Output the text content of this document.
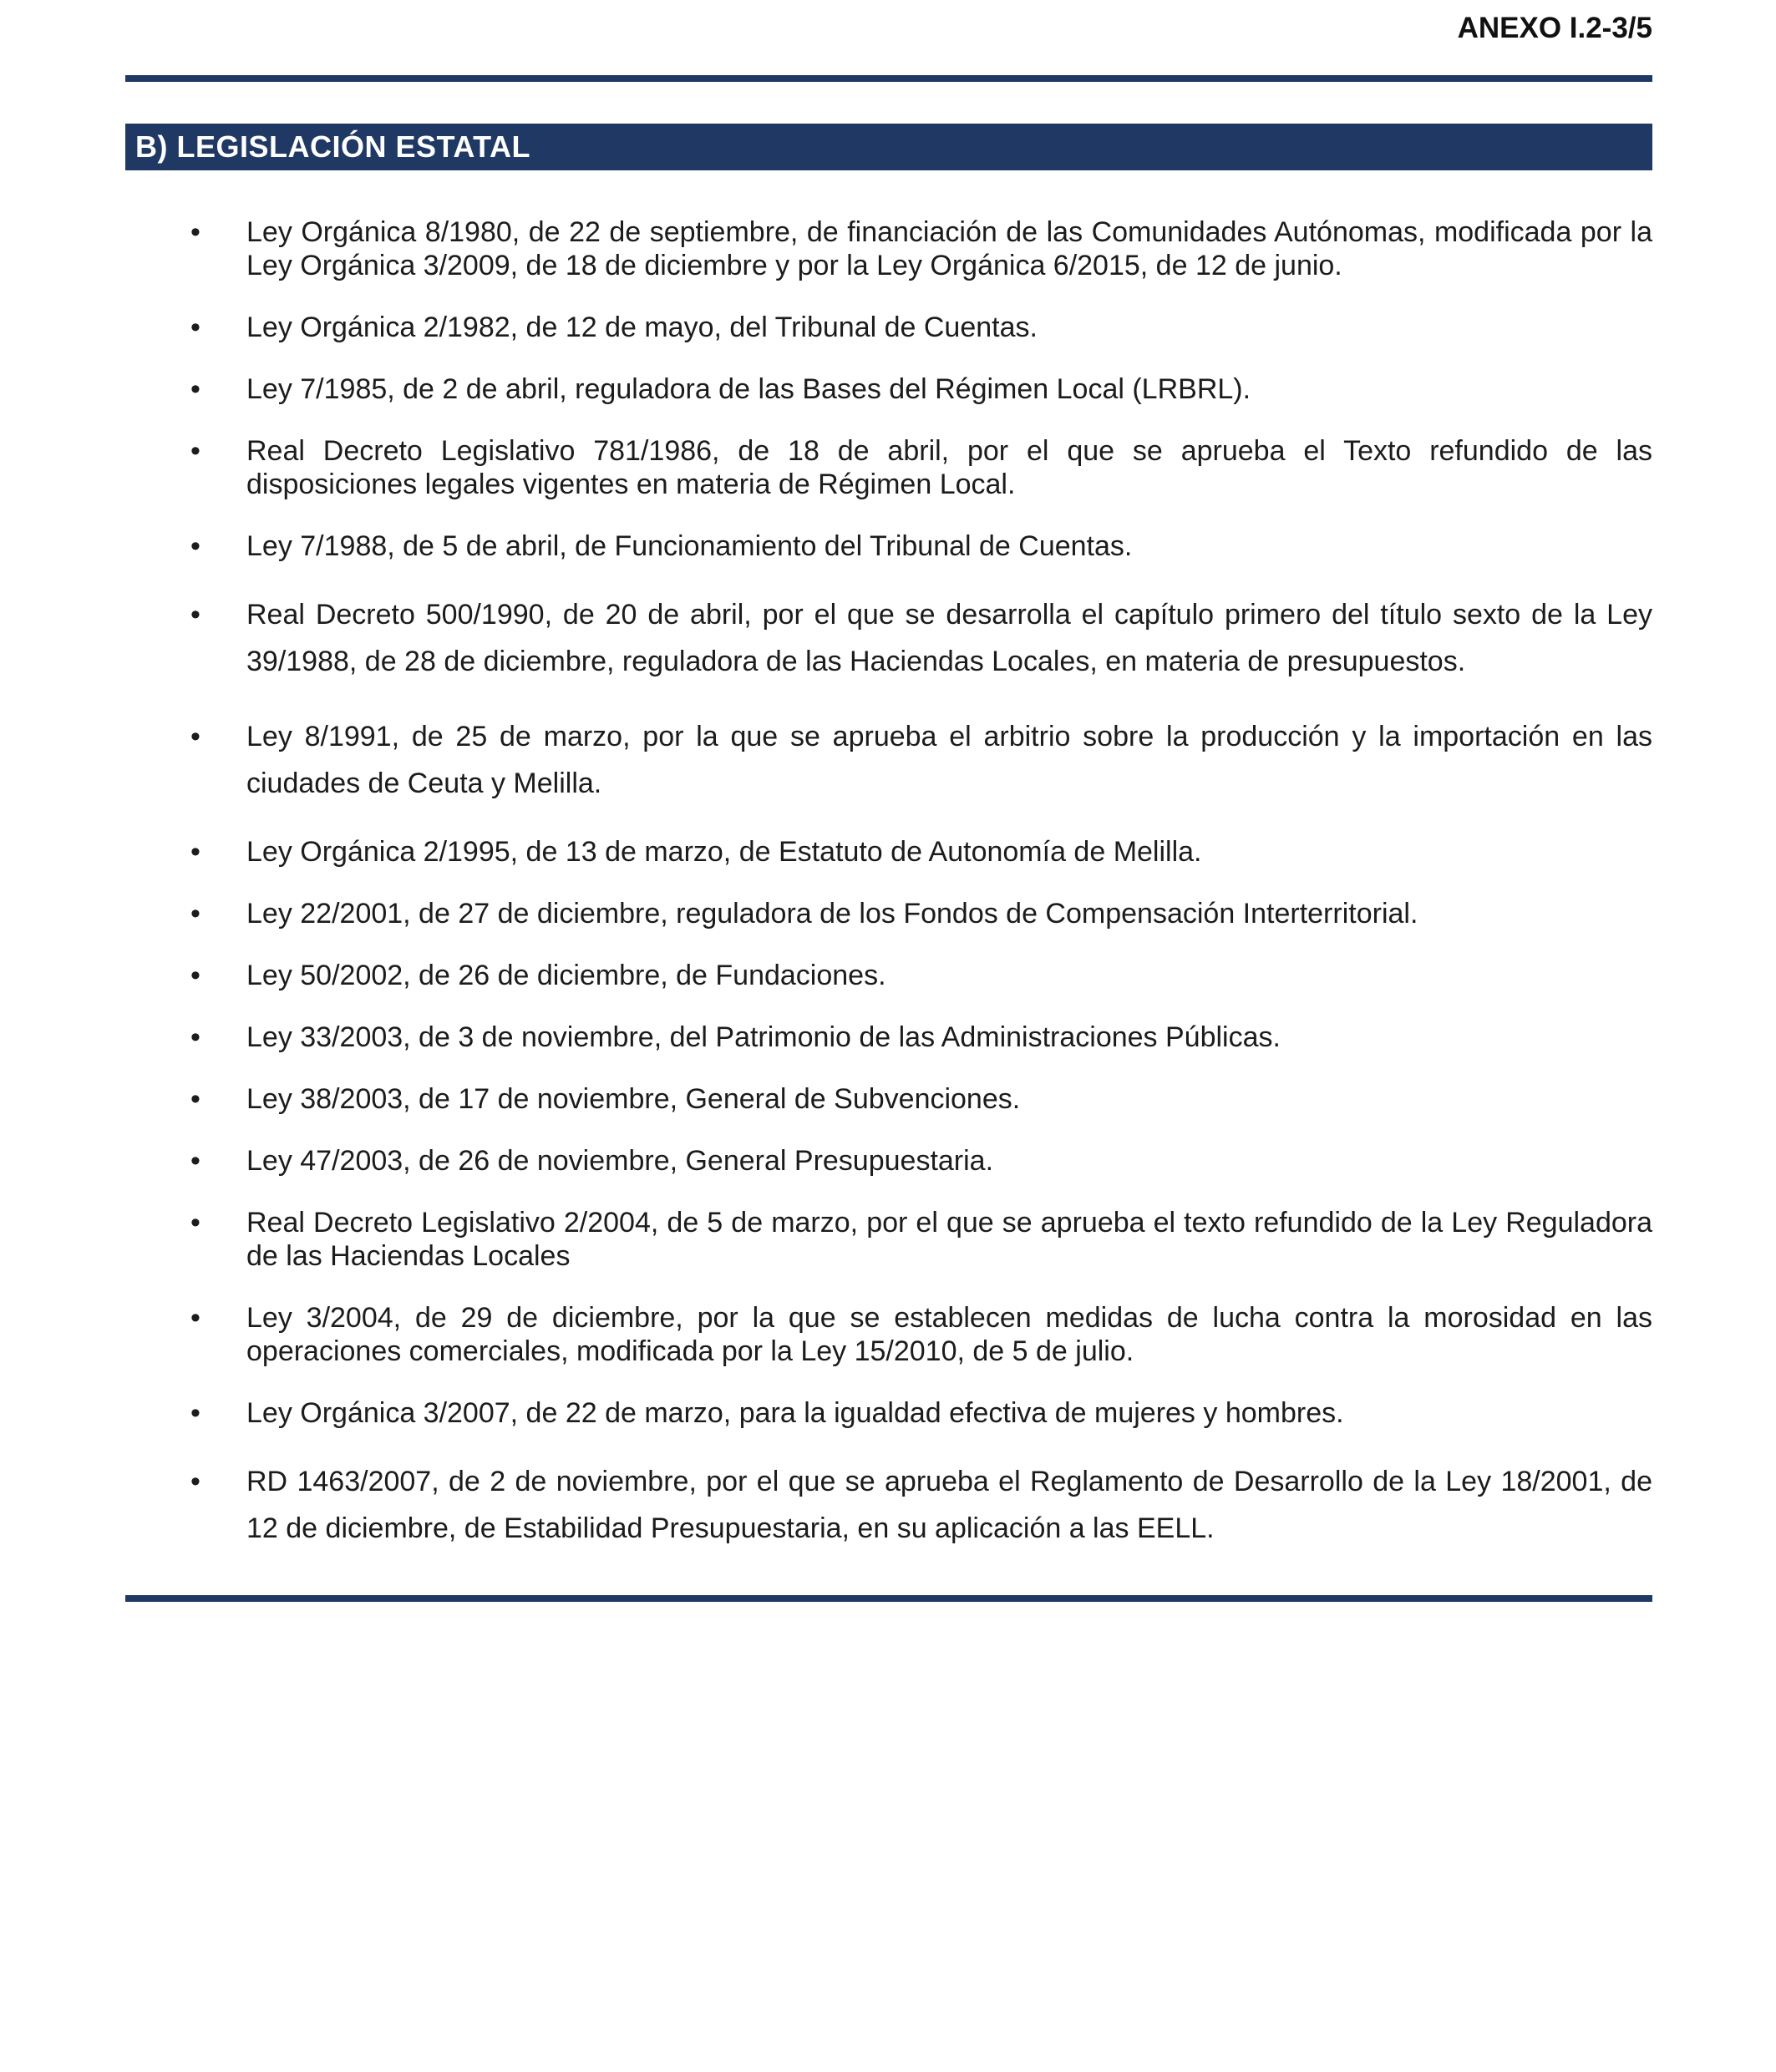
ANEXO I.2-3/5
B) LEGISLACIÓN ESTATAL
•	Ley Orgánica 8/1980, de 22 de septiembre, de financiación de las Comunidades Autónomas, modificada por la Ley Orgánica 3/2009, de 18 de diciembre y por la Ley Orgánica 6/2015, de 12 de junio.
•	Ley Orgánica 2/1982, de 12 de mayo, del Tribunal de Cuentas.
•	Ley 7/1985, de 2 de abril, reguladora de las Bases del Régimen Local (LRBRL).
•	Real Decreto Legislativo 781/1986, de 18 de abril, por el que se aprueba el Texto refundido de las disposiciones legales vigentes en materia de Régimen Local.
•	Ley 7/1988, de 5 de abril, de Funcionamiento del Tribunal de Cuentas.
•	Real Decreto 500/1990, de 20 de abril, por el que se desarrolla el capítulo primero del título sexto de la Ley 39/1988, de 28 de diciembre, reguladora de las Haciendas Locales, en materia de presupuestos.
•	Ley 8/1991, de 25 de marzo, por la que se aprueba el arbitrio sobre la producción y la importación en las ciudades de Ceuta y Melilla.
•	Ley Orgánica 2/1995, de 13 de marzo, de Estatuto de Autonomía de Melilla.
•	Ley 22/2001, de 27 de diciembre, reguladora de los Fondos de Compensación Interterritorial.
•	Ley 50/2002, de 26 de diciembre, de Fundaciones.
•	Ley 33/2003, de 3 de noviembre, del Patrimonio de las Administraciones Públicas.
•	Ley 38/2003, de 17 de noviembre, General de Subvenciones.
•	Ley 47/2003, de 26 de noviembre, General Presupuestaria.
•	Real Decreto Legislativo 2/2004, de 5 de marzo, por el que se aprueba el texto refundido de la Ley Reguladora de las Haciendas Locales
•	Ley 3/2004, de 29 de diciembre, por la que se establecen medidas de lucha contra la morosidad en las operaciones comerciales, modificada por la Ley 15/2010, de 5 de julio.
•	Ley Orgánica 3/2007, de 22 de marzo, para la igualdad efectiva de mujeres y hombres.
•	RD 1463/2007, de 2 de noviembre, por el que se aprueba el Reglamento de Desarrollo de la Ley 18/2001, de 12 de diciembre, de Estabilidad Presupuestaria, en su aplicación a las EELL.
